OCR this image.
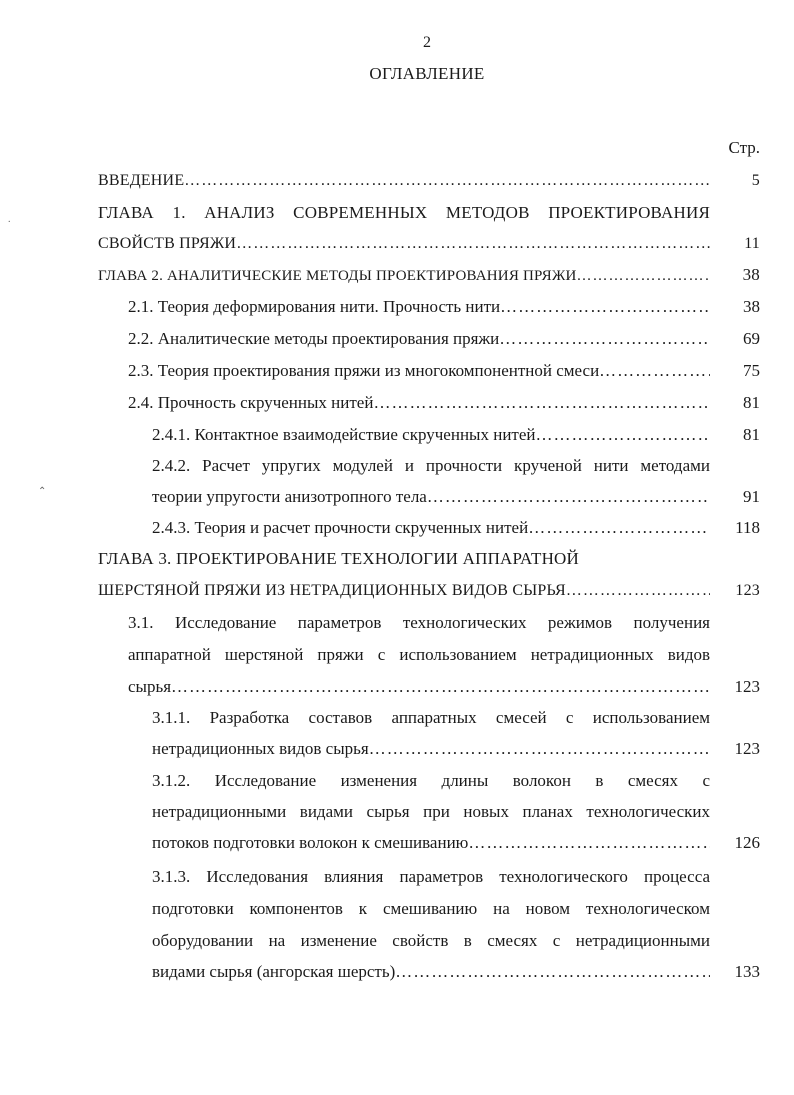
2
ОГЛАВЛЕНИЕ
Стр.
.
⌃
ВВЕДЕНИЕ ………………………………………………………………………………………………………………………………………………………………………………………………	5
ГЛАВА 1. АНАЛИЗ СОВРЕМЕННЫХ МЕТОДОВ ПРОЕКТИРОВАНИЯ
СВОЙСТВ ПРЯЖИ ………………………………………………………………………………………………………………………………………………………………………………………………	11
ГЛАВА 2. АНАЛИТИЧЕСКИЕ МЕТОДЫ ПРОЕКТИРОВАНИЯ ПРЯЖИ ………………………………………………………………………………………………………………………………………………………………………………………………	38
2.1. Теория деформирования нити. Прочность нити ………………………………………………………………………………………………………………………………………………………………………………………………	38
2.2. Аналитические методы проектирования пряжи ………………………………………………………………………………………………………………………………………………………………………………………………	69
2.3. Теория проектирования пряжи из многокомпонентной смеси ………………………………………………………………………………………………………………………………………………………………………………………………	75
2.4. Прочность скрученных нитей ………………………………………………………………………………………………………………………………………………………………………………………………	81
2.4.1. Контактное взаимодействие скрученных нитей ………………………………………………………………………………………………………………………………………………………………………………………………	81
2.4.2. Расчет упругих модулей и прочности крученой нити методами
теории упругости анизотропного тела ………………………………………………………………………………………………………………………………………………………………………………………………	91
2.4.3. Теория и расчет прочности скрученных нитей ………………………………………………………………………………………………………………………………………………………………………………………………	118
ГЛАВА 3. ПРОЕКТИРОВАНИЕ ТЕХНОЛОГИИ АППАРАТНОЙ
ШЕРСТЯНОЙ ПРЯЖИ ИЗ НЕТРАДИЦИОННЫХ ВИДОВ СЫРЬЯ ………………………………………………………………………………………………………………………………………………………………………………………………	123
3.1. Исследование параметров технологических режимов получения
аппаратной шерстяной пряжи с использованием нетрадиционных видов
сырья ………………………………………………………………………………………………………………………………………………………………………………………………	123
3.1.1. Разработка составов аппаратных смесей с использованием
нетрадиционных видов сырья ………………………………………………………………………………………………………………………………………………………………………………………………	123
3.1.2. Исследование изменения длины волокон в смесях с
нетрадиционными видами сырья при новых планах технологических
потоков подготовки волокон к смешиванию ………………………………………………………………………………………………………………………………………………………………………………………………	126
3.1.3. Исследования влияния параметров технологического процесса
подготовки компонентов к смешиванию на новом технологическом
оборудовании на изменение свойств в смесях с нетрадиционными
видами сырья (ангорская шерсть) ………………………………………………………………………………………………………………………………………………………………………………………………	133
